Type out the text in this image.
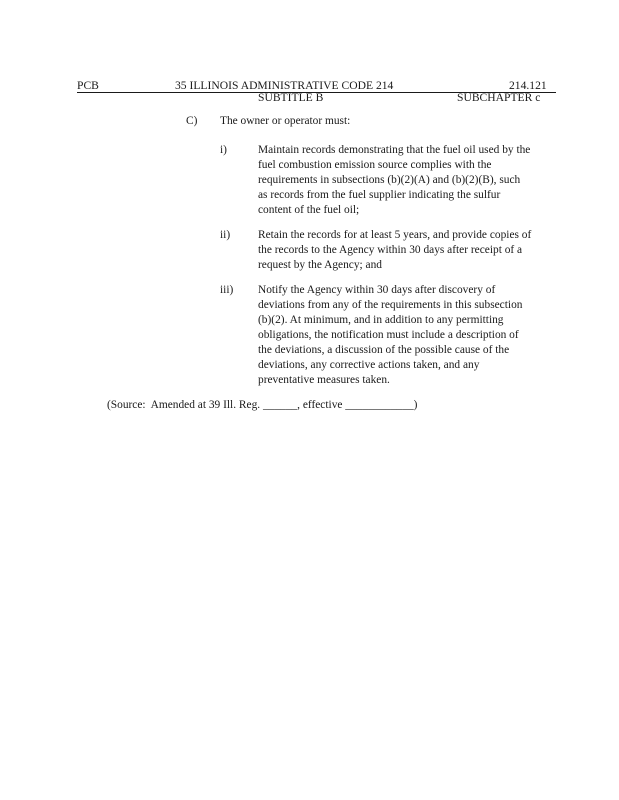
PCB	35 ILLINOIS ADMINISTRATIVE CODE 214	214.121
SUBTITLE B	SUBCHAPTER c
C) The owner or operator must:
i)	Maintain records demonstrating that the fuel oil used by the
fuel combustion emission source complies with the
requirements in subsections (b)(2)(A) and (b)(2)(B), such
as records from the fuel supplier indicating the sulfur
content of the fuel oil;
ii) Retain the records for at least 5 years, and provide copies of
the records to the Agency within 30 days after receipt of a
request by the Agency; and
iii) Notify the Agency within 30 days after discovery of
deviations from any of the requirements in this subsection
(b)(2). At minimum, and in addition to any permitting
obligations, the notification must include a description of
the deviations, a discussion of the possible cause of the
deviations, any corrective actions taken, and any
preventative measures taken.
(Source:  Amended at 39 Ill. Reg. ______, effective ____________)
